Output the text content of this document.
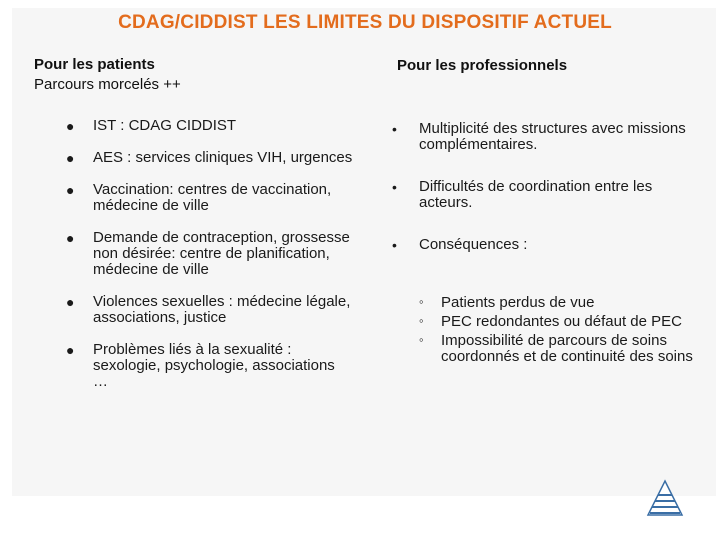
CDAG/CIDDIST LES LIMITES DU DISPOSITIF ACTUEL
Pour les patients
Parcours morcelés ++
Pour les professionnels
● IST : CDAG CIDDIST
● AES : services cliniques VIH, urgences
● Vaccination: centres de vaccination, médecine de ville
● Demande de contraception, grossesse non désirée: centre de planification, médecine de ville
● Violences sexuelles : médecine légale, associations, justice
● Problèmes liés à la sexualité : sexologie, psychologie, associations …
• Multiplicité des structures avec missions complémentaires.
• Difficultés de coordination entre les acteurs.
• Conséquences :
◦ Patients perdus de vue
◦ PEC redondantes ou défaut de PEC
◦ Impossibilité de parcours de soins coordonnés et de continuité des soins
